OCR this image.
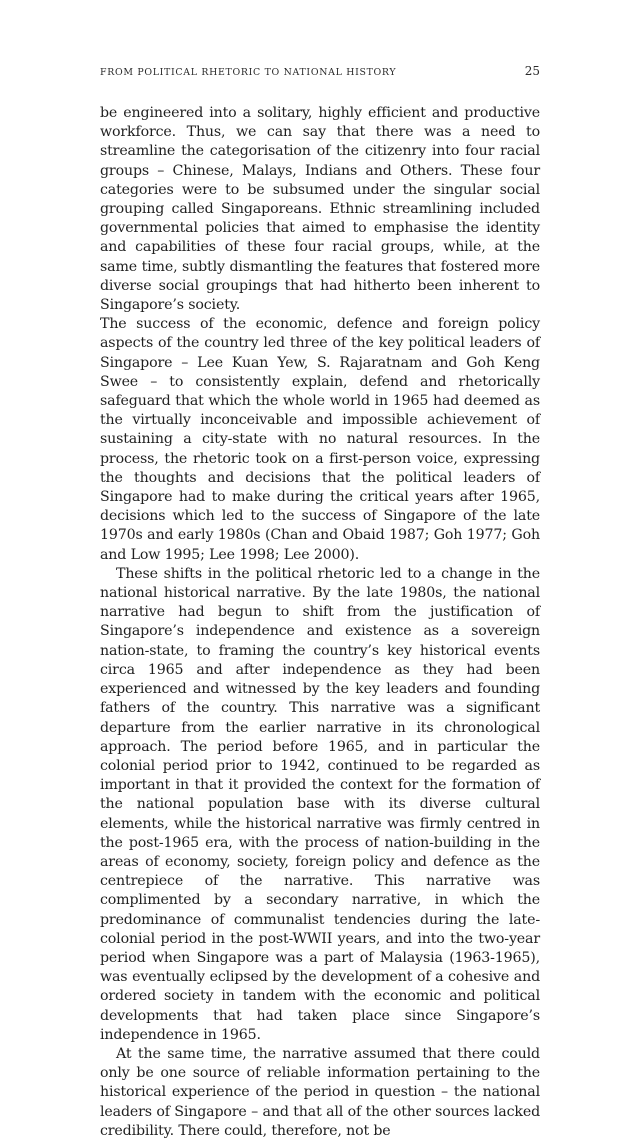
FROM POLITICAL RHETORIC TO NATIONAL HISTORY	25

be engineered into a solitary, highly efficient and productive workforce. Thus, we can say that there was a need to streamline the categorisation of the citizenry into four racial groups – Chinese, Malays, Indians and Others. These four categories were to be subsumed under the singular social grouping called Singaporeans. Ethnic streamlining included governmental policies that aimed to emphasise the identity and capabilities of these four racial groups, while, at the same time, subtly dismantling the features that fostered more diverse social groupings that had hitherto been inherent to Singapore’s society.

The success of the economic, defence and foreign policy aspects of the country led three of the key political leaders of Singapore – Lee Kuan Yew, S. Rajaratnam and Goh Keng Swee – to consistently explain, defend and rhetorically safeguard that which the whole world in 1965 had deemed as the virtually inconceivable and impossible achievement of sustaining a city-state with no natural resources. In the process, the rhetoric took on a first-person voice, expressing the thoughts and decisions that the political leaders of Singapore had to make during the critical years after 1965, decisions which led to the success of Singapore of the late 1970s and early 1980s (Chan and Obaid 1987; Goh 1977; Goh and Low 1995; Lee 1998; Lee 2000).

These shifts in the political rhetoric led to a change in the national historical narrative. By the late 1980s, the national narrative had begun to shift from the justification of Singapore’s independence and existence as a sovereign nation-state, to framing the country’s key historical events circa 1965 and after independence as they had been experienced and witnessed by the key leaders and founding fathers of the country. This narrative was a significant departure from the earlier narrative in its chronological approach. The period before 1965, and in particular the colonial period prior to 1942, continued to be regarded as important in that it provided the context for the formation of the national population base with its diverse cultural elements, while the historical narrative was firmly centred in the post-1965 era, with the process of nation-building in the areas of economy, society, foreign policy and defence as the centrepiece of the narrative. This narrative was complimented by a secondary narrative, in which the predominance of communalist tendencies during the late-colonial period in the post-WWII years, and into the two-year period when Singapore was a part of Malaysia (1963-1965), was eventually eclipsed by the development of a cohesive and ordered society in tandem with the economic and political developments that had taken place since Singapore’s independence in 1965.

At the same time, the narrative assumed that there could only be one source of reliable information pertaining to the historical experience of the period in question – the national leaders of Singapore – and that all of the other sources lacked credibility. There could, therefore, not be
